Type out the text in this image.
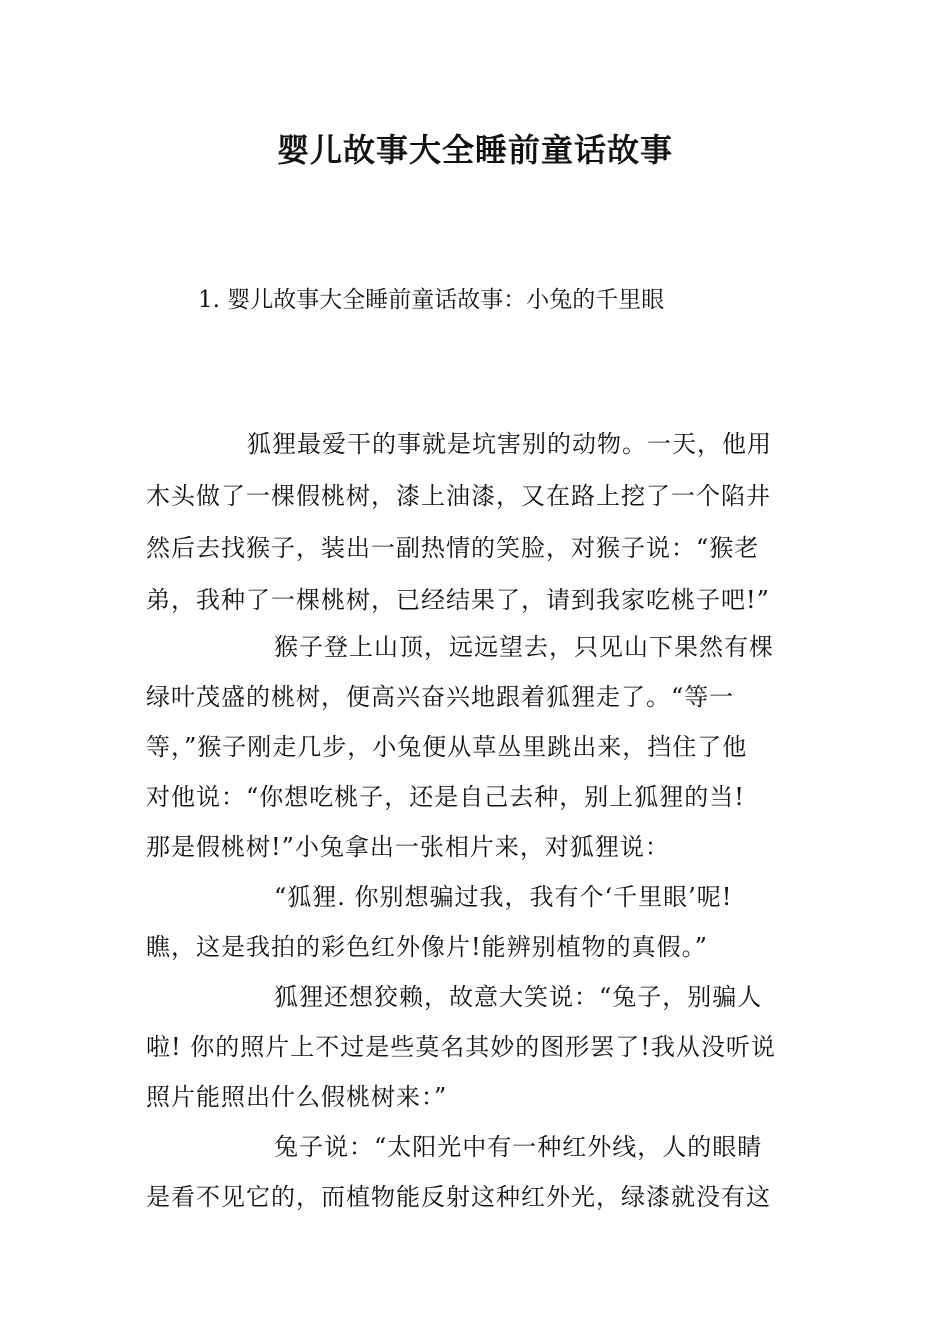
婴儿故事大全睡前童话故事
1. 婴儿故事大全睡前童话故事：小兔的千里眼
狐狸最爱干的事就是坑害别的动物。一天，他用
木头做了一棵假桃树，漆上油漆，又在路上挖了一个陷井
然后去找猴子，装出一副热情的笑脸，对猴子说：“猴老
弟，我种了一棵桃树，已经结果了，请到我家吃桃子吧!”
猴子登上山顶，远远望去，只见山下果然有棵
绿叶茂盛的桃树，便高兴奋兴地跟着狐狸走了。“等一
等，”猴子刚走几步，小兔便从草丛里跳出来，挡住了他
对他说：“你想吃桃子，还是自己去种，别上狐狸的当!
那是假桃树!”小兔拿出一张相片来，对狐狸说：
“狐狸. 你别想骗过我，我有个‘千里眼’呢!
瞧，这是我拍的彩色红外像片!能辨别植物的真假。”
狐狸还想狡赖，故意大笑说：“兔子，别骗人
啦! 你的照片上不过是些莫名其妙的图形罢了!我从没听说
照片能照出什么假桃树来：”
兔子说：“太阳光中有一种红外线，人的眼睛
是看不见它的，而植物能反射这种红外光，绿漆就没有这
